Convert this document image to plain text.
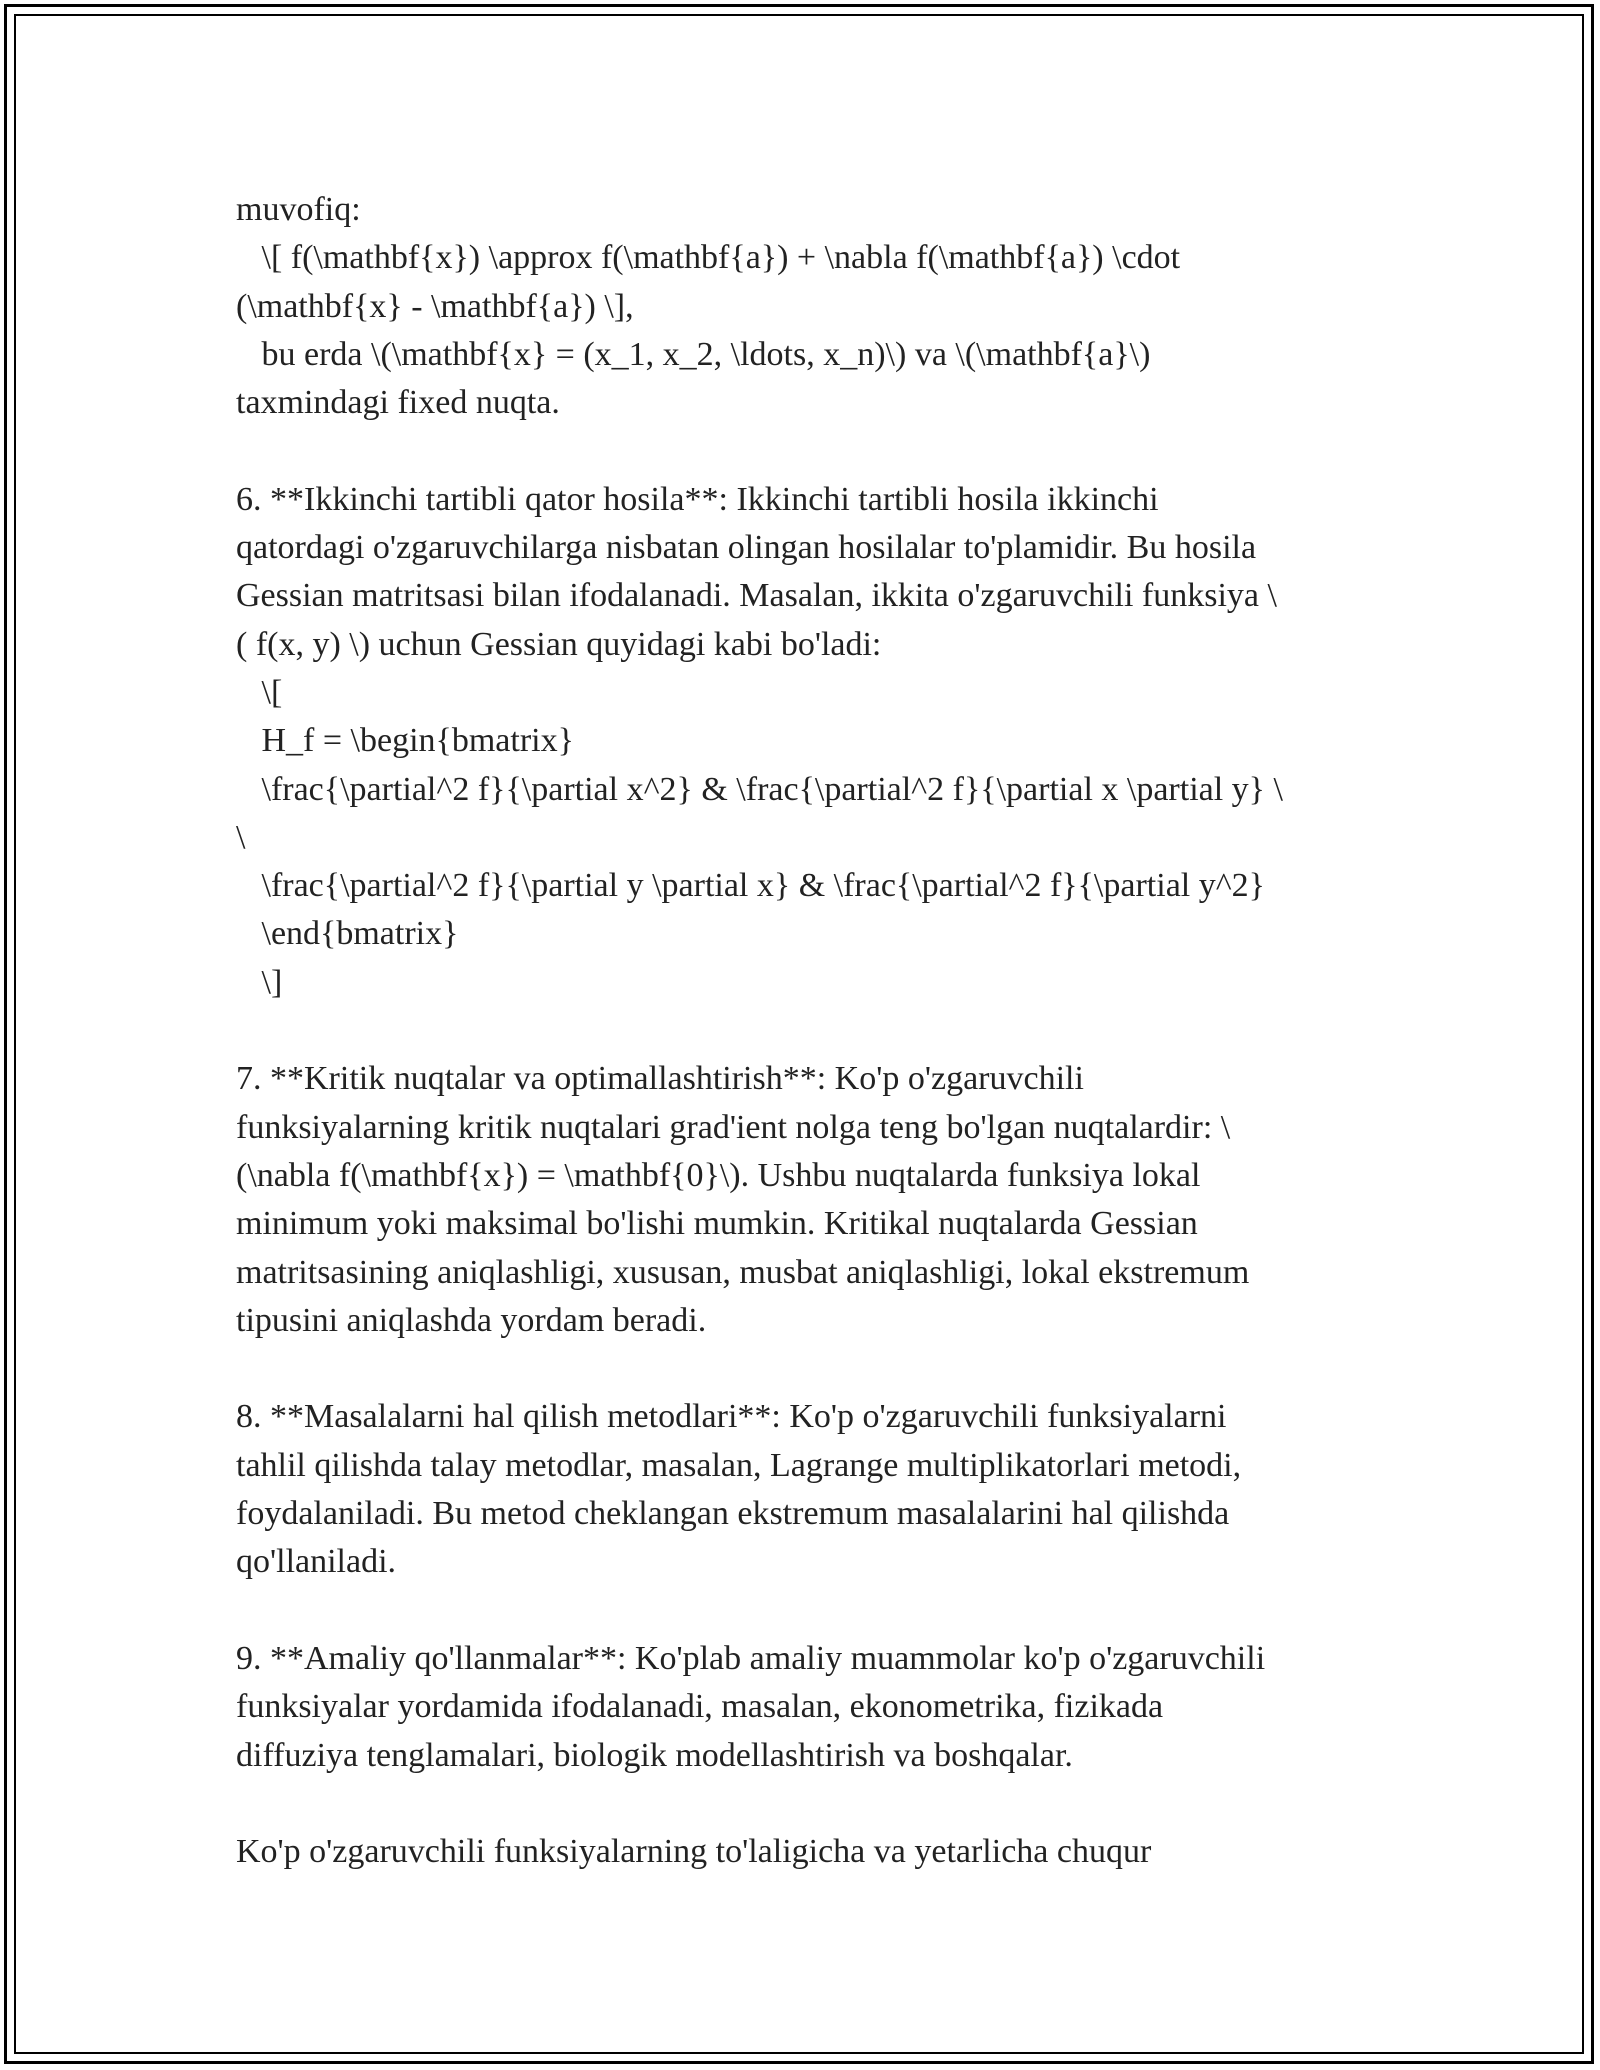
muvofiq:
\[ f(\mathbf{x}) \approx f(\mathbf{a}) + \nabla f(\mathbf{a}) \cdot
(\mathbf{x} - \mathbf{a}) \],
bu erda \(\mathbf{x} = (x_1, x_2, \ldots, x_n)\) va \(\mathbf{a}\)
taxmindagi fixed nuqta.
6. **Ikkinchi tartibli qator hosila**: Ikkinchi tartibli hosila ikkinchi
qatordagi o'zgaruvchilarga nisbatan olingan hosilalar to'plamidir. Bu hosila
Gessian matritsasi bilan ifodalanadi. Masalan, ikkita o'zgaruvchili funksiya \
( f(x, y) \) uchun Gessian quyidagi kabi bo'ladi:
\[
H_f = \begin{bmatrix}
\frac{\partial^2 f}{\partial x^2} & \frac{\partial^2 f}{\partial x \partial y} \
\
\frac{\partial^2 f}{\partial y \partial x} & \frac{\partial^2 f}{\partial y^2}
\end{bmatrix}
\]
7. **Kritik nuqtalar va optimallashtirish**: Ko'p o'zgaruvchili
funksiyalarning kritik nuqtalari grad'ient nolga teng bo'lgan nuqtalardir: \
(\nabla f(\mathbf{x}) = \mathbf{0}\). Ushbu nuqtalarda funksiya lokal
minimum yoki maksimal bo'lishi mumkin. Kritikal nuqtalarda Gessian
matritsasining aniqlashligi, xususan, musbat aniqlashligi, lokal ekstremum
tipusini aniqlashda yordam beradi.
8. **Masalalarni hal qilish metodlari**: Ko'p o'zgaruvchili funksiyalarni
tahlil qilishda talay metodlar, masalan, Lagrange multiplikatorlari metodi,
foydalaniladi. Bu metod cheklangan ekstremum masalalarini hal qilishda
qo'llaniladi.
9. **Amaliy qo'llanmalar**: Ko'plab amaliy muammolar ko'p o'zgaruvchili
funksiyalar yordamida ifodalanadi, masalan, ekonometrika, fizikada
diffuziya tenglamalari, biologik modellashtirish va boshqalar.
Ko'p o'zgaruvchili funksiyalarning to'laligicha va yetarlicha chuqur
